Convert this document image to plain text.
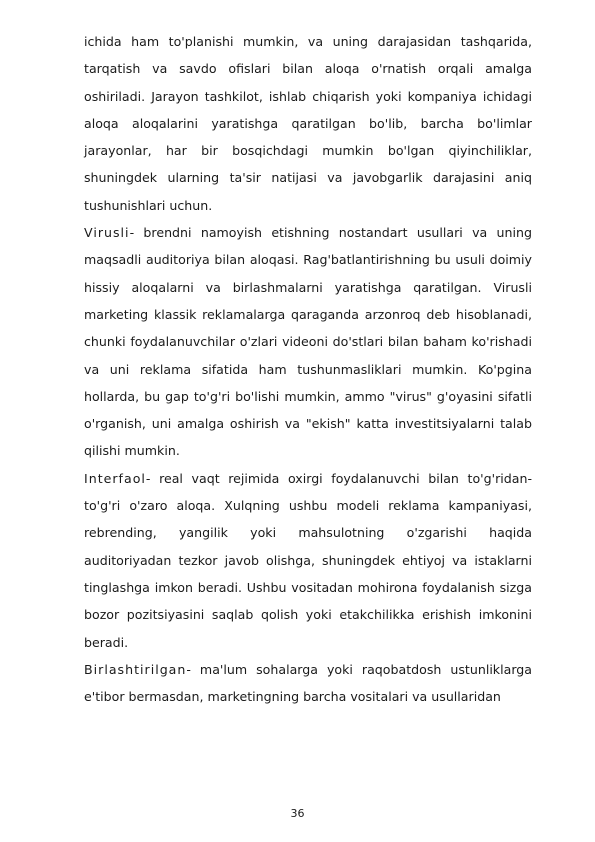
ichida ham to'planishi mumkin, va uning darajasidan tashqarida, tarqatish va savdo ofislari bilan aloqa o'rnatish orqali amalga oshiriladi. Jarayon tashkilot, ishlab chiqarish yoki kompaniya ichidagi aloqa aloqalarini yaratishga qaratilgan bo'lib, barcha bo'limlar jarayonlar, har bir bosqichdagi mumkin bo'lgan qiyinchiliklar, shuningdek ularning ta'sir natijasi va javobgarlik darajasini aniq tushunishlari uchun.

Virusli- brendni namoyish etishning nostandart usullari va uning maqsadli auditoriya bilan aloqasi. Rag'batlantirishning bu usuli doimiy hissiy aloqalarni va birlashmalarni yaratishga qaratilgan. Virusli marketing klassik reklamalarga qaraganda arzonroq deb hisoblanadi, chunki foydalanuvchilar o'zlari videoni do'stlari bilan baham ko'rishadi va uni reklama sifatida ham tushunmasliklari mumkin. Ko'pgina hollarda, bu gap to'g'ri bo'lishi mumkin, ammo "virus" g'oyasini sifatli o'rganish, uni amalga oshirish va "ekish" katta investitsiyalarni talab qilishi mumkin.

Interfaol- real vaqt rejimida oxirgi foydalanuvchi bilan to'g'ridan-to'g'ri o'zaro aloqa. Xulqning ushbu modeli reklama kampaniyasi, rebrending, yangilik yoki mahsulotning o'zgarishi haqida auditoriyadan tezkor javob olishga, shuningdek ehtiyoj va istaklarni tinglashga imkon beradi. Ushbu vositadan mohirona foydalanish sizga bozor pozitsiyasini saqlab qolish yoki etakchilikka erishish imkonini beradi.

Birlashtirilgan- ma'lum sohalarga yoki raqobatdosh ustunliklarga e'tibor bermasdan, marketingning barcha vositalari va usullaridan

36
